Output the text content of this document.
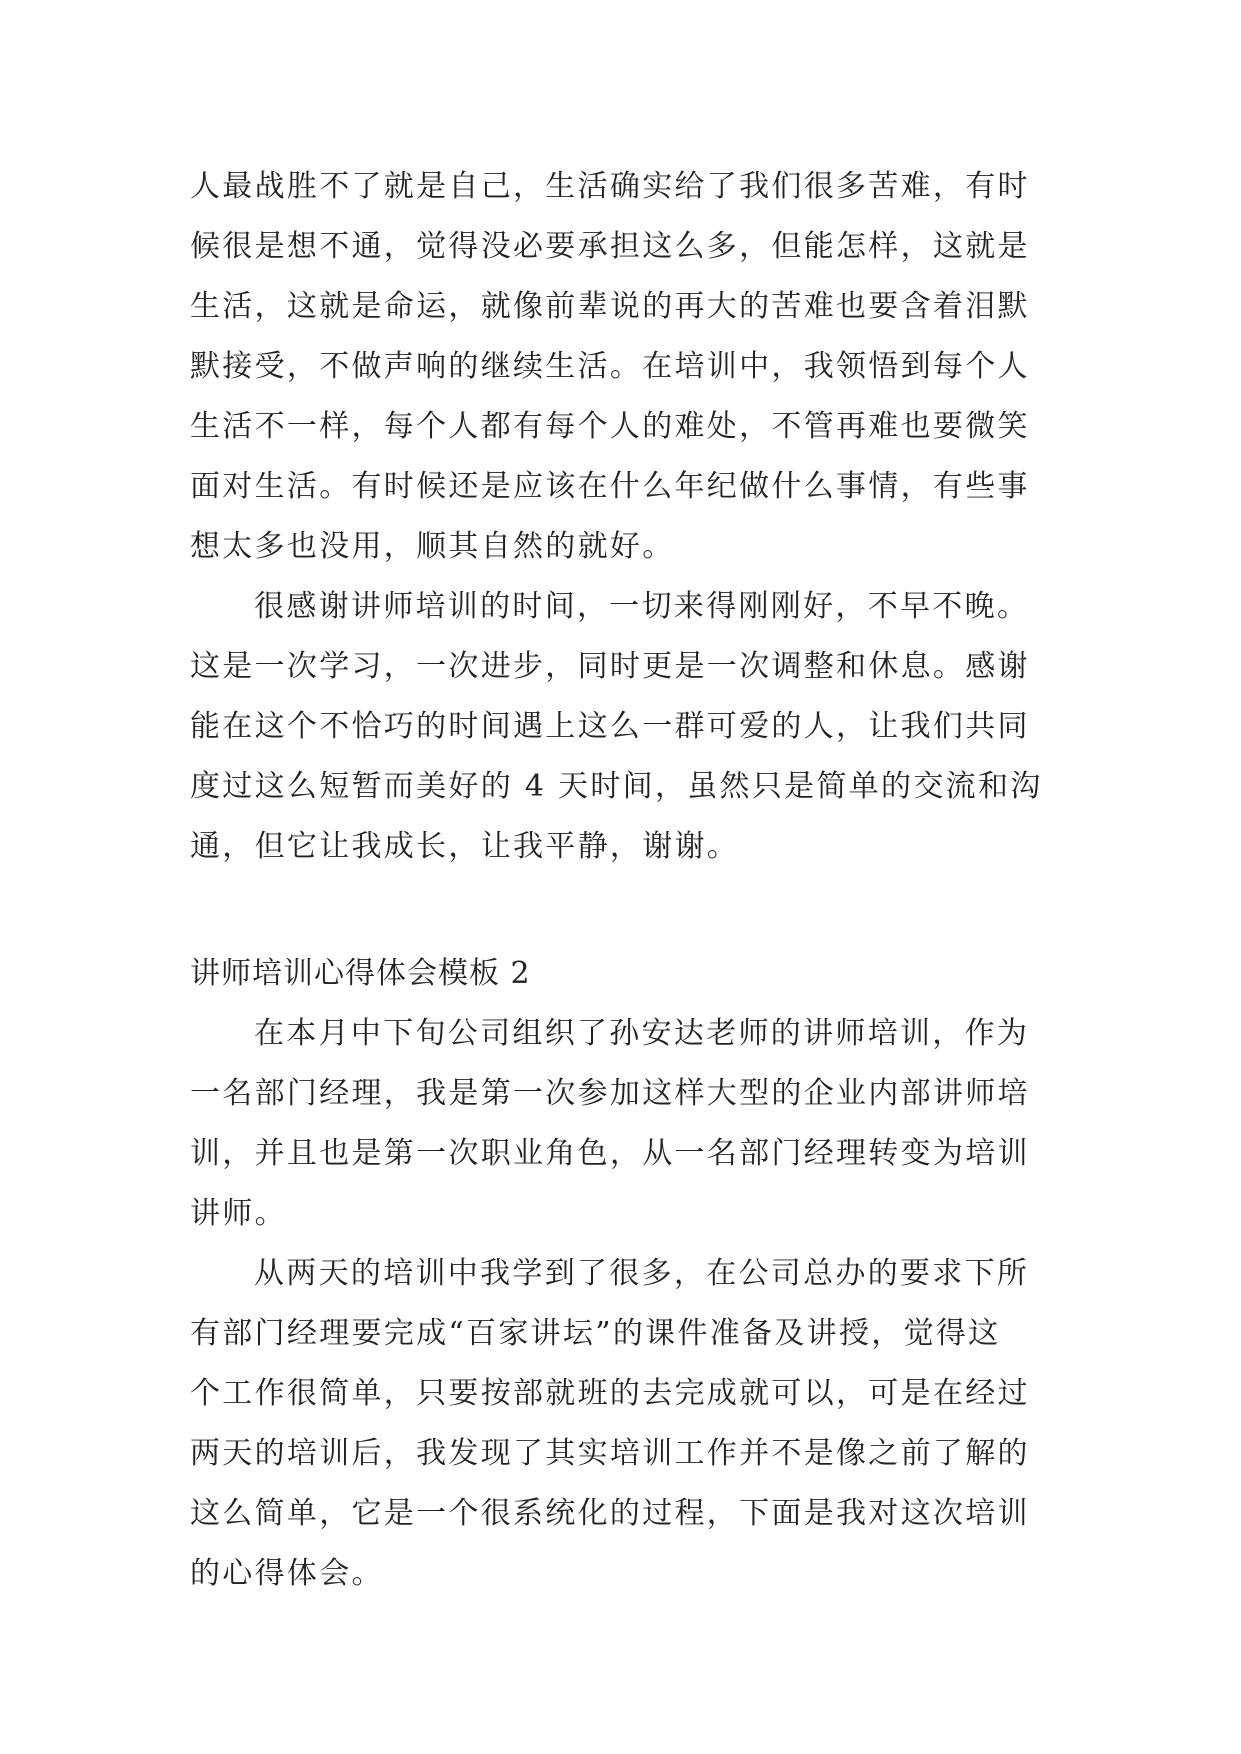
人最战胜不了就是自己，生活确实给了我们很多苦难，有时
候很是想不通，觉得没必要承担这么多，但能怎样，这就是
生活，这就是命运，就像前辈说的再大的苦难也要含着泪默
默接受，不做声响的继续生活。在培训中，我领悟到每个人
生活不一样，每个人都有每个人的难处，不管再难也要微笑
面对生活。有时候还是应该在什么年纪做什么事情，有些事
想太多也没用，顺其自然的就好。
很感谢讲师培训的时间，一切来得刚刚好，不早不晚。
这是一次学习，一次进步，同时更是一次调整和休息。感谢
能在这个不恰巧的时间遇上这么一群可爱的人，让我们共同
度过这么短暂而美好的 4 天时间，虽然只是简单的交流和沟
通，但它让我成长，让我平静，谢谢。
讲师培训心得体会模板 2
在本月中下旬公司组织了孙安达老师的讲师培训，作为
一名部门经理，我是第一次参加这样大型的企业内部讲师培
训，并且也是第一次职业角色，从一名部门经理转变为培训
讲师。
从两天的培训中我学到了很多，在公司总办的要求下所
有部门经理要完成“百家讲坛”的课件准备及讲授，觉得这
个工作很简单，只要按部就班的去完成就可以，可是在经过
两天的培训后，我发现了其实培训工作并不是像之前了解的
这么简单，它是一个很系统化的过程，下面是我对这次培训
的心得体会。
